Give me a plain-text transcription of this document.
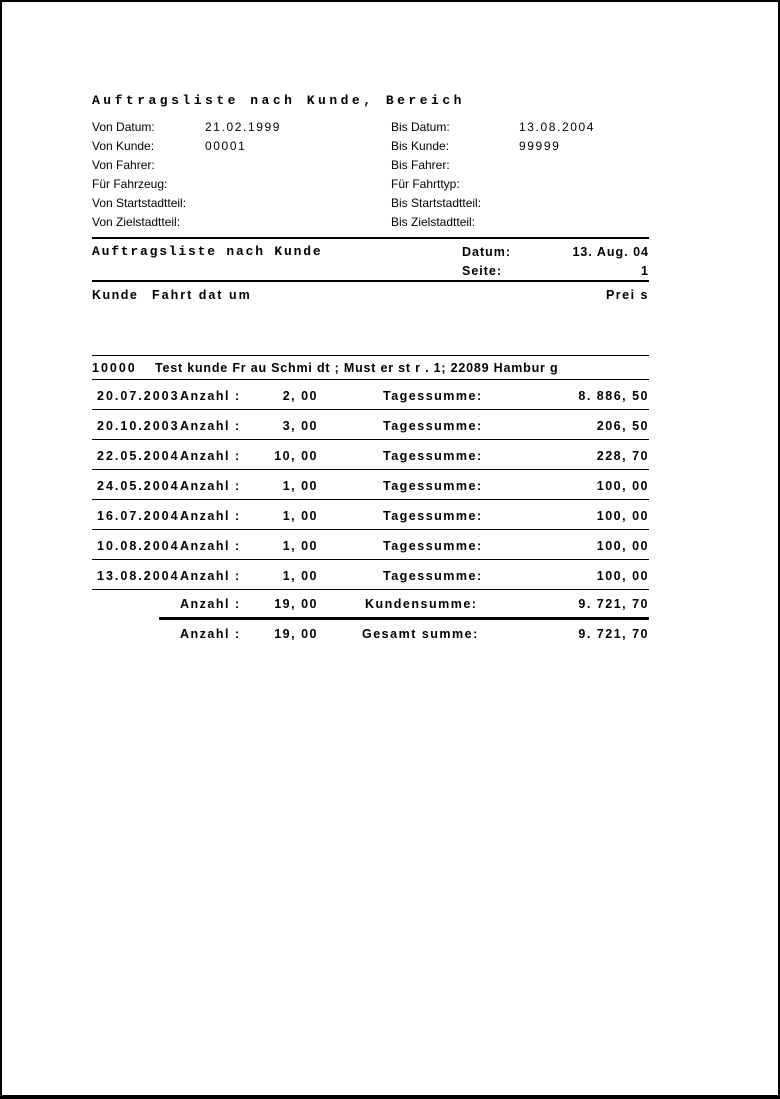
Auftragsliste nach Kunde, Bereich
Von Datum:	21.02.1999	Bis Datum:	13.08.2004
Von Kunde:	00001	Bis Kunde:	99999
Von Fahrer:	Bis Fahrer:
Für Fahrzeug:	Für Fahrttyp:
Von Startstadtteil:	Bis Startstadtteil:
Von Zielstadtteil:	Bis Zielstadtteil:
Auftragsliste nach Kunde	Datum:	13. Aug. 04
Seite:	1
Kunde Fahrt dat um	Prei s
10000 Test kunde Fr au Schmi dt ; Must er st r . 1; 22089 Hambur g
20.07.2003 Anzahl :	2, 00	Tagessumme:	8. 886, 50
20.10.2003 Anzahl :	3, 00	Tagessumme:	206, 50
22.05.2004 Anzahl :	10, 00	Tagessumme:	228, 70
24.05.2004 Anzahl :	1, 00	Tagessumme:	100, 00
16.07.2004 Anzahl :	1, 00	Tagessumme:	100, 00
10.08.2004 Anzahl :	1, 00	Tagessumme:	100, 00
13.08.2004 Anzahl :	1, 00	Tagessumme:	100, 00
Anzahl :	19, 00	Kundensumme:	9. 721, 70
Anzahl :	19, 00	Gesamt summe:	9. 721, 70
